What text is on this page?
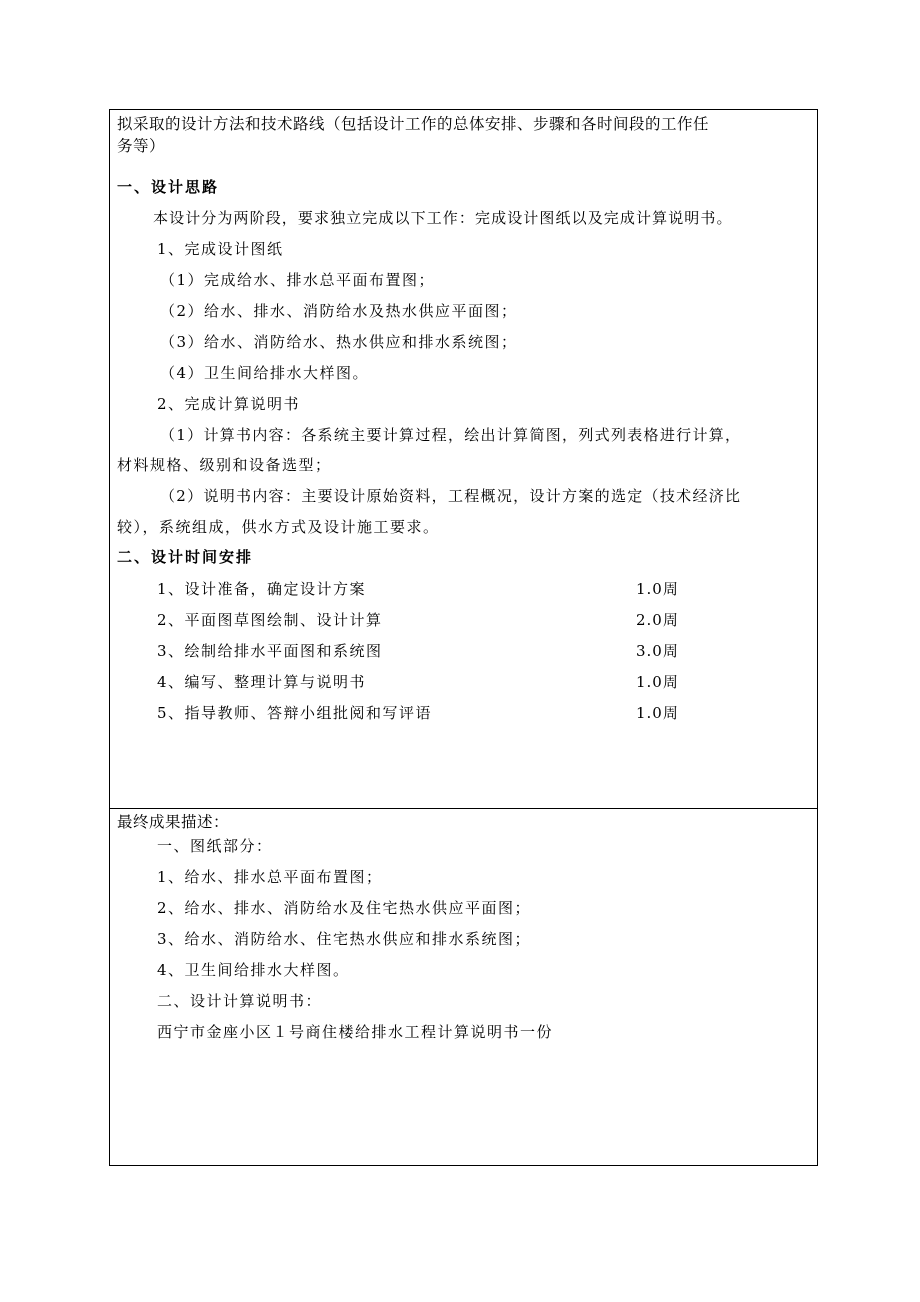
拟采取的设计方法和技术路线（包括设计工作的总体安排、步骤和各时间段的工作任
务等）
一、设计思路
本设计分为两阶段，要求独立完成以下工作：完成设计图纸以及完成计算说明书。
1、完成设计图纸
（1）完成给水、排水总平面布置图；
（2）给水、排水、消防给水及热水供应平面图；
（3）给水、消防给水、热水供应和排水系统图；
（4）卫生间给排水大样图。
2、完成计算说明书
（1）计算书内容：各系统主要计算过程，绘出计算简图，列式列表格进行计算，
材料规格、级别和设备选型；
（2）说明书内容：主要设计原始资料，工程概况，设计方案的选定（技术经济比
较），系统组成，供水方式及设计施工要求。
二、设计时间安排
1、设计准备，确定设计方案	1.0周
2、平面图草图绘制、设计计算	2.0周
3、绘制给排水平面图和系统图	3.0周
4、编写、整理计算与说明书	1.0周
5、指导教师、答辩小组批阅和写评语	1.0周
最终成果描述：
一、图纸部分：
1、给水、排水总平面布置图；
2、给水、排水、消防给水及住宅热水供应平面图；
3、给水、消防给水、住宅热水供应和排水系统图；
4、卫生间给排水大样图。
二、设计计算说明书：
西宁市金座小区１号商住楼给排水工程计算说明书一份
